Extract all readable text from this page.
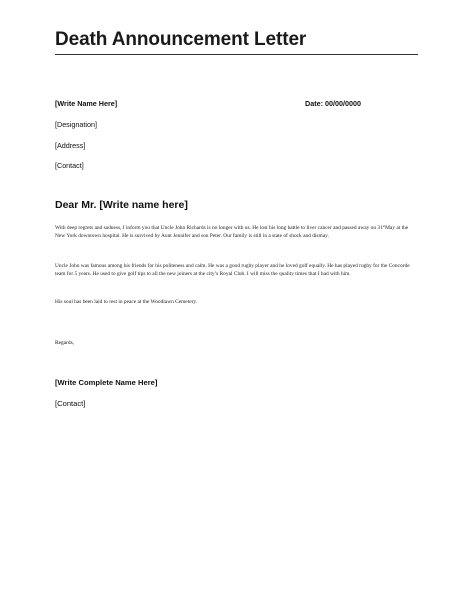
Death Announcement Letter
[Write Name Here]	Date: 00/00/0000
[Designation]
[Address]
[Contact]
Dear Mr. [Write name here]
With deep regrets and sadness, I inform you that Uncle John Richards is no longer with us. He lost his long battle to liver cancer and passed away on 31stMay at the New York downtown hospital. He is survived by Aunt Jennifer and son Peter. Our family is still in a state of shock and dismay.
Uncle John was famous among his friends for his politeness and calm. He was a good rugby player and he loved golf equally. He has played rugby for the Concorde team for 5 years. He used to give golf tips to all the new joiners at the city’s Royal Club. I will miss the quality times that I had with him.
His soul has been laid to rest in peace at the Woodlawn Cemetery.
Regards,
[Write Complete Name Here]
[Contact]
